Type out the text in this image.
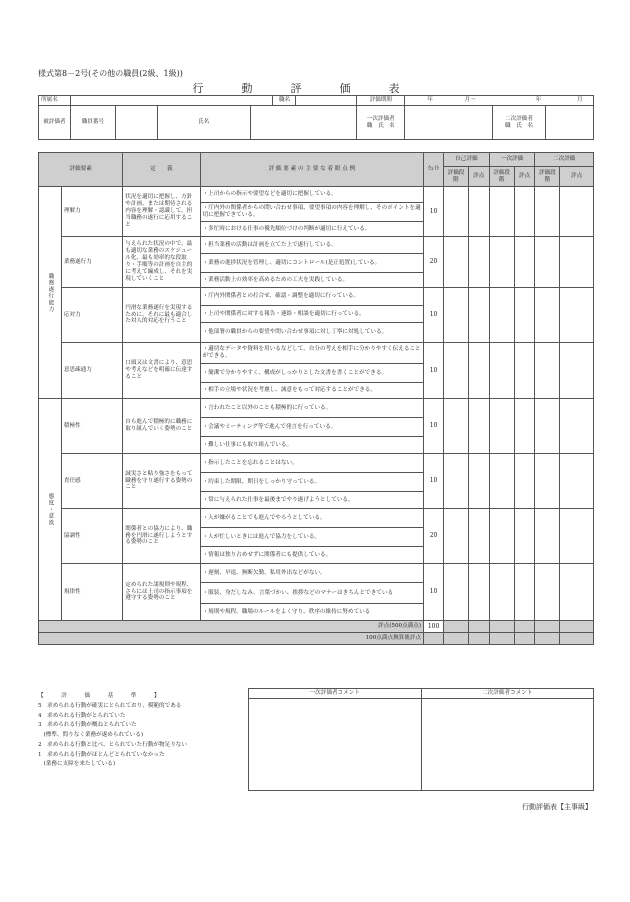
様式第8－2号(その他の職員(2級、1級))
行動評価表
所属名					職名		評価期間	年 月～ 年 月		
被評価者	職員番号		氏名				一次評価者
職　氏　名		二次評価者
職　氏　名	
評価要素		定　　義	評 価 要 素 の 主 要 な 着 眼 点 例	ｳｪｲﾄ	自己評価		一次評価		二次評価	
					評価段階	評点	評価段階	評点	評価段階	評点

職務遂行能力	理解力	状況を適切に把握し、方針や計画、または期待される内容を理解・認識して、担当職務の遂行に応用すること	・上司からの指示や要望などを適切に把握している。	10						
			・庁内外の関係者からの問い合わせ事項、要望事項の内容を理解し、そのポイントを適切に把握できている。							
			・多忙時における仕事の優先順位づけの判断が適切に行えている。							
	業務遂行力	与えられた状況の中で、最も適切な業務のスケジュール化、最も効率的な段取り・手順等の計画を自主的に考えて編成し、それを実現していくこと	・担当業務の活動は計画を立てた上で遂行している。	20						
			・業務の進捗状況を管理し、適切にコントロール(是正処置)している。							
			・業務活動上の効率を高めるための工夫を実践している。							
	応対力	円滑な業務遂行を実現するために、それに最も適合した対人的対応を行うこと	・庁内外関係者との打合せ、確認・調整を適切に行っている。	10						
			・上司や関係者に対する報告・連絡・相談を適切に行っている。							
			・他部署の職員からの要望や問い合わせ事項に対し丁寧に対処している。							
	意思疎通力	口頭又は文書により、意思や考えなどを明確に伝達すること	・適切なデータや資料を用いるなどして、自分の考えを相手に分かりやすく伝えることができる。	10						
			・簡潔で分かりやすく、構成がしっかりとした文書を書くことができる。							
			・相手の立場や状況を考慮し、誠意をもって対応することができる。							

態度・意欲	積極性	自ら進んで積極的に職務に取り組んでいく姿勢のこと	・言われたこと以外のことも積極的に行っている。	10						
			・会議やミーティング等で進んで発言を行っている。							
			・難しい仕事にも取り組んでいる。							
	責任感	誠実さと粘り強さをもって職務を守り遂行する姿勢のこと	・指示したことを忘れることはない。	10						
			・約束した期限、期日をしっかり守っている。							
			・常に与えられた仕事を最後までやり遂げようとしている。							
	協調性	関係者との協力により、職務を円滑に遂行しようとする姿勢のこと	・人が嫌がることでも進んでやろうとしている。	20						
			・人が忙しいときには進んで協力をしている。							
			・情報は独り占めせずに関係者にも提供している。							
	規律性	定められた諸規則や規程、さらには上司の指示事項を遵守する姿勢のこと	・遅刻、早退、無断欠勤、私用外出などがない。	10						
			・服装、身だしなみ、言葉づかい、挨拶などのマナーはきちんとできている							
			・規則や規程、職場のルールをよく守り、秩序の維持に努めている							
評点(500点満点)				100						
100点満点換算後評点										
【　評　価　基　準　】
5　求められる行動が確実にとられており、模範的である
4　求められる行動がとられていた
3　求められる行動が概ねとられていた
　(標準、問りなく業務が遂められている)
2　求められる行動と比べ、とられていた行動が物足りない
1　求められる行動がほとんどとられていなかった
　(業務に支障を来たしている)
一次評価者コメント	二次評価者コメント

行動評価表【主事級】
